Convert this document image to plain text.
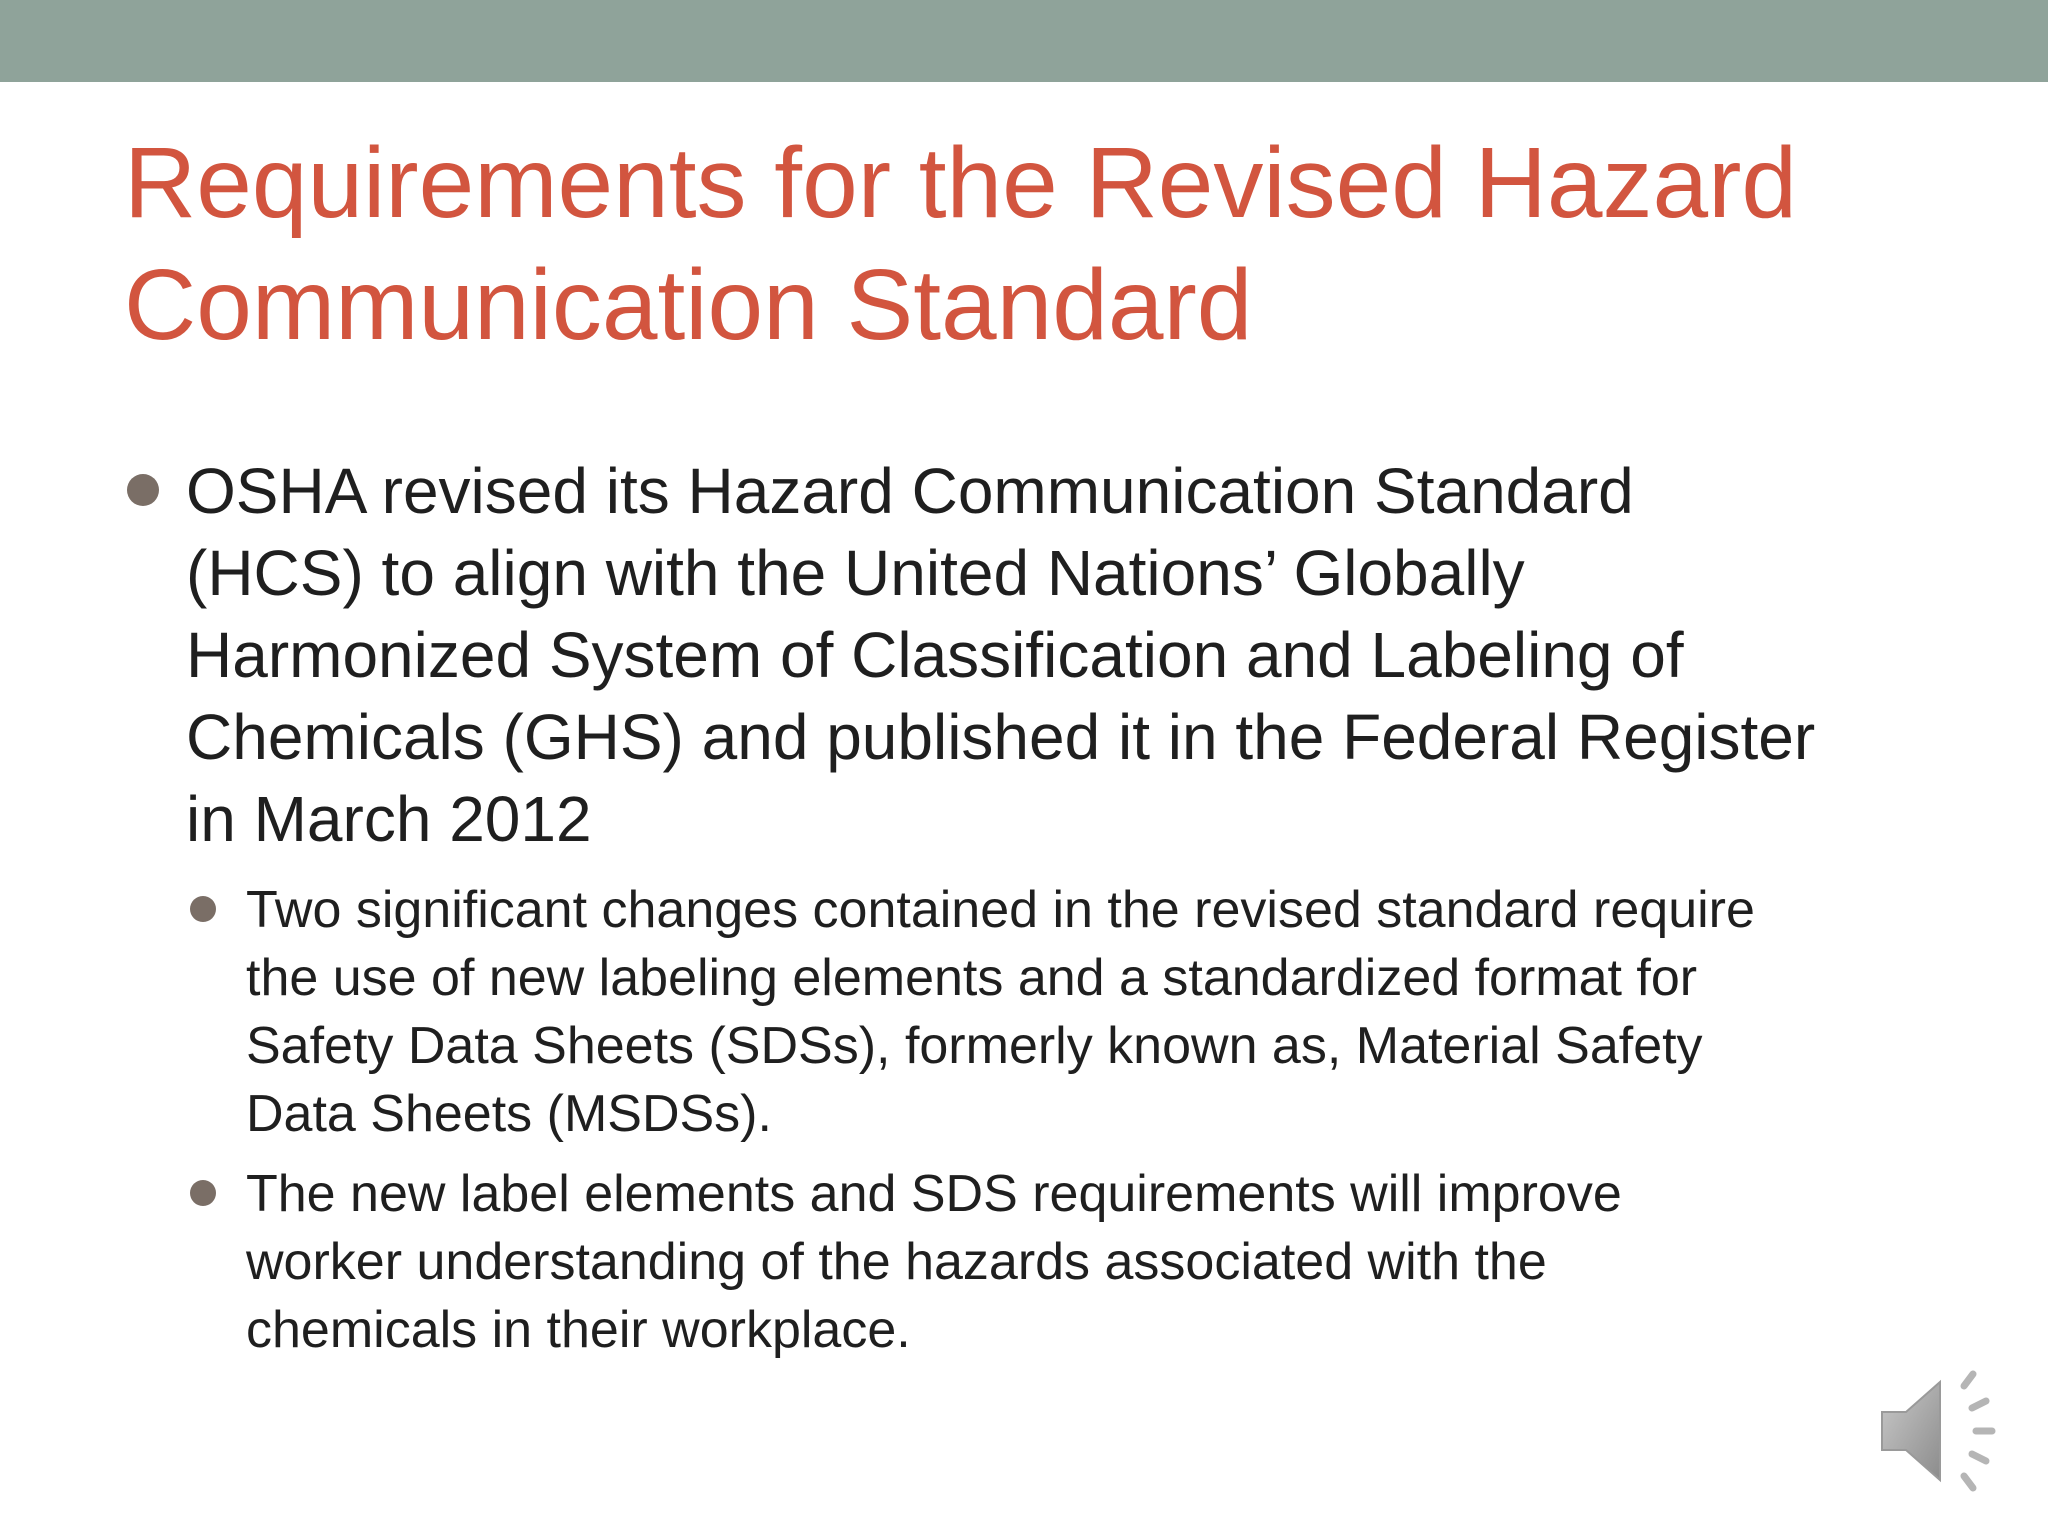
Requirements for the Revised Hazard
Communication Standard
OSHA revised its Hazard Communication Standard
(HCS) to align with the United Nations’ Globally
Harmonized System of Classification and Labeling of
Chemicals (GHS) and published it in the Federal Register
in March 2012
Two significant changes contained in the revised standard require
the use of new labeling elements and a standardized format for
Safety Data Sheets (SDSs), formerly known as, Material Safety
Data Sheets (MSDSs).
The new label elements and SDS requirements will improve
worker understanding of the hazards associated with the
chemicals in their workplace.
